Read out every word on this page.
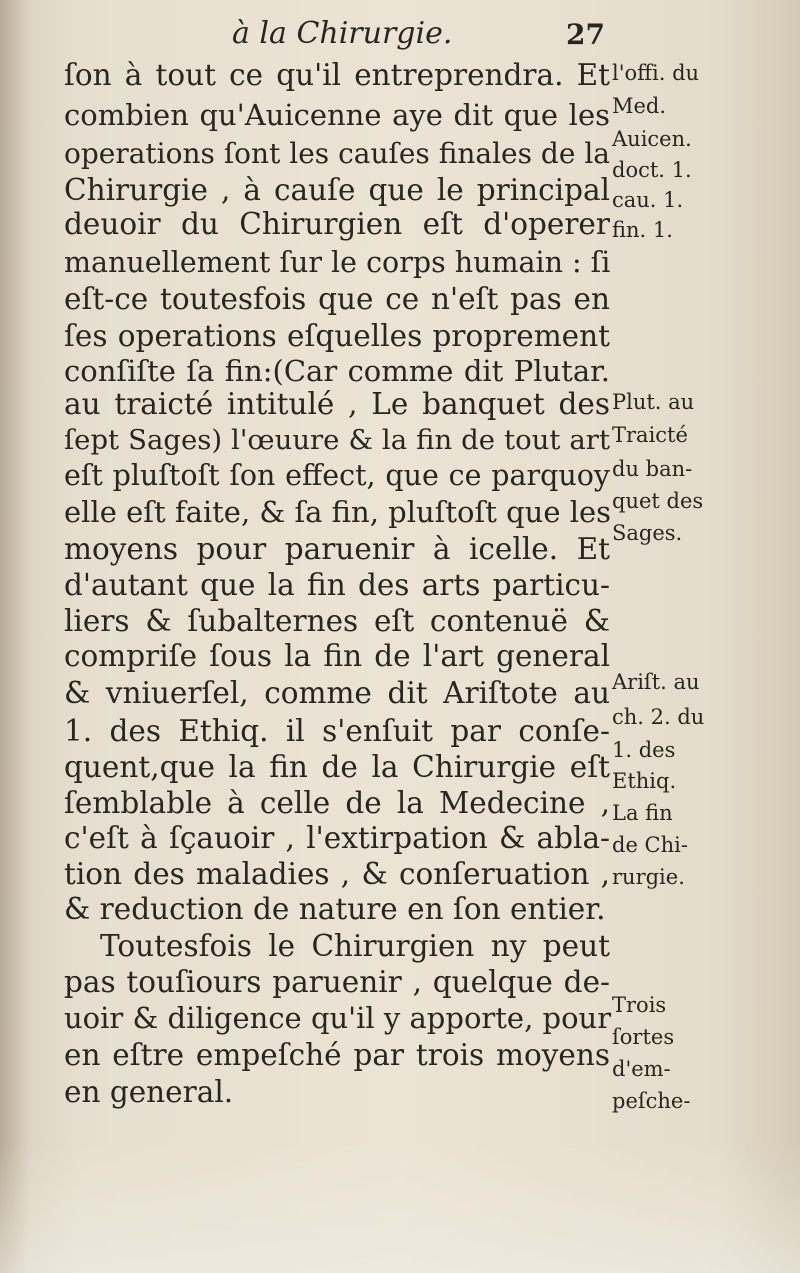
à la Chirurgie.	27
ſon à tout ce qu'il entreprendra. Et
combien qu'Auicenne aye dit que les
operations ſont les cauſes finales de la
Chirurgie , à cauſe que le principal
deuoir du Chirurgien eſt d'operer
manuellement ſur le corps humain : ſi
eſt-ce toutesfois que ce n'eſt pas en
ſes operations eſquelles proprement
conſiſte ſa fin:(Car comme dit Plutar.
au traicté intitulé , Le banquet des
ſept Sages) l'œuure & la fin de tout art
eſt pluſtoſt ſon effect, que ce parquoy
elle eſt faite, & ſa fin, pluſtoſt que les
moyens pour paruenir à icelle. Et
d'autant que la fin des arts particu-
liers & ſubalternes eſt contenuë &
compriſe ſous la fin de l'art general
& vniuerſel, comme dit Ariſtote au
1. des Ethiq. il s'enſuit par conſe-
quent,que la fin de la Chirurgie eſt
ſemblable à celle de la Medecine ,
c'eſt à ſçauoir , l'extirpation & abla-
tion des maladies , & conſeruation ,
& reduction de nature en ſon entier.
Toutesfois le Chirurgien ny peut
pas touſiours paruenir , quelque de-
uoir & diligence qu'il y apporte, pour
en eſtre empeſché par trois moyens
en general.
l'offi. du
Med.
Auicen.
doct. 1.
cau. 1.
fin. 1.
Plut. au
Traicté
du ban-
quet des
Sages.
Ariſt. au
ch. 2. du
1. des
Ethiq.
La fin
de Chi-
rurgie.
Trois
ſortes
d'em-
peſche-
